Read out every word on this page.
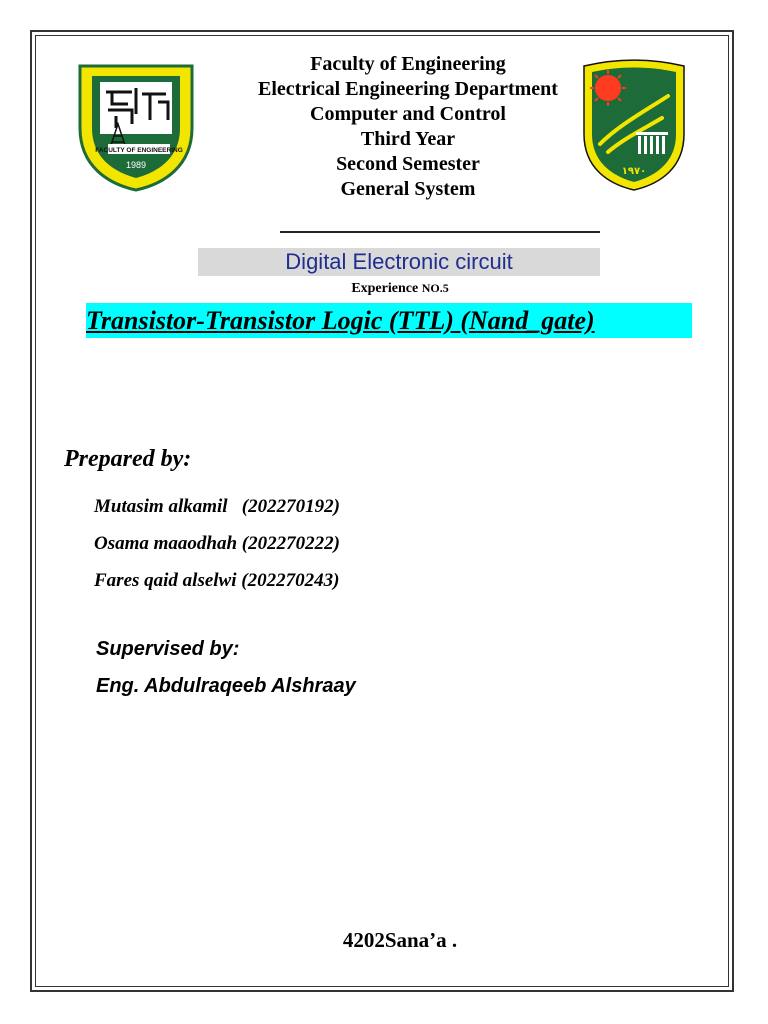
FACULTY OF ENGINEERING
1989
١٩٧٠
Faculty of Engineering
Electrical Engineering Department
Computer and Control
Third Year
Second Semester
General System
Digital Electronic circuit
Experience NO.5
Transistor-Transistor Logic (TTL) (Nand_gate)
Prepared by:
Mutasim alkamil   (202270192)
Osama maaodhah (202270222)
Fares qaid alselwi (202270243)
Supervised by:
Eng. Abdulraqeeb Alshraay
4202Sana’a .
